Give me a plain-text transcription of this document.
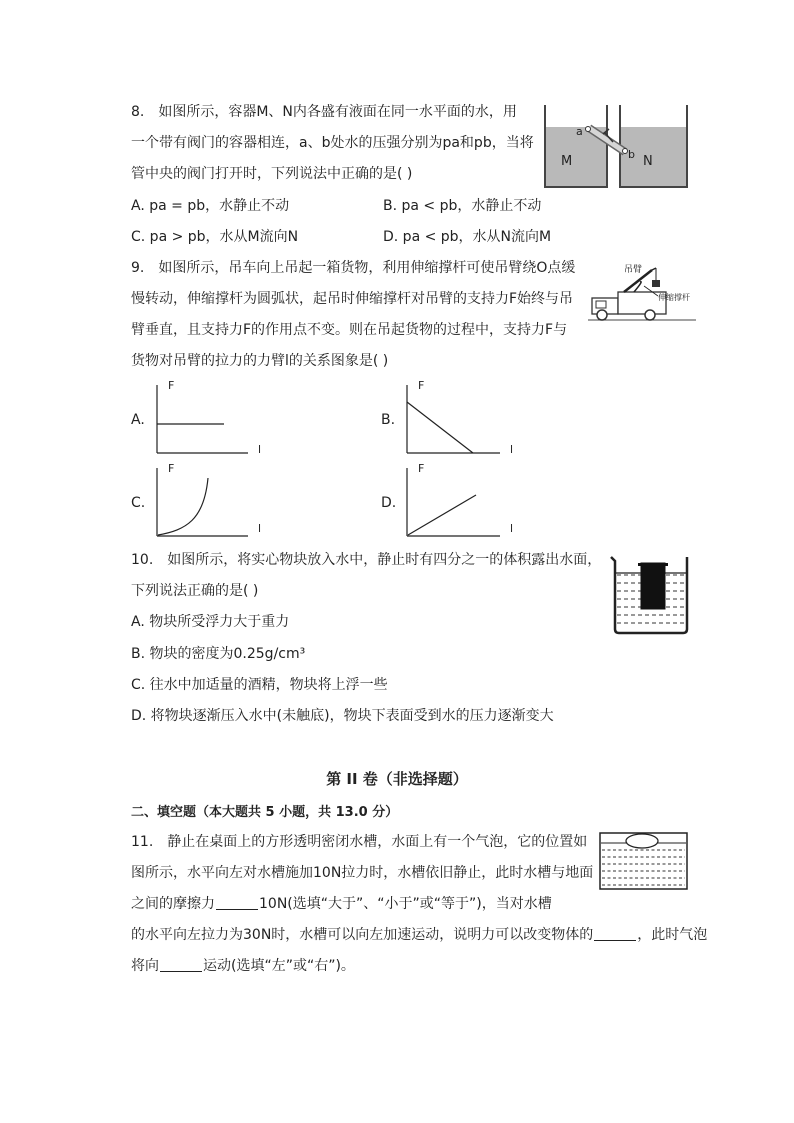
8.　如图所示，容器M、N内各盛有液面在同一水平面的水，用
一个带有阀门的容器相连，a、b处水的压强分别为pa和pb，当将
管中央的阀门打开时，下列说法中正确的是( )
A. pa = pb，水静止不动	B. pa < pb，水静止不动
C. pa > pb，水从M流向N	D. pa < pb，水从N流向M
a
b
M	N
9.　如图所示，吊车向上吊起一箱货物，利用伸缩撑杆可使吊臂绕O点缓
慢转动，伸缩撑杆为圆弧状，起吊时伸缩撑杆对吊臂的支持力F始终与吊
臂垂直，且支持力F的作用点不变。则在吊起货物的过程中，支持力F与
货物对吊臂的拉力的力臂l的关系图象是( )
吊臂
伸缩撑杆
A.	B.
C.	D.
F
l
F
l
F
l
F
l
10.　如图所示，将实心物块放入水中，静止时有四分之一的体积露出水面，
下列说法正确的是( )
A. 物块所受浮力大于重力
B. 物块的密度为0.25g/cm³
C. 往水中加适量的酒精，物块将上浮一些
D. 将物块逐渐压入水中(未触底)，物块下表面受到水的压力逐渐变大
第 II 卷（非选择题）
二、填空题（本大题共 5 小题，共 13.0 分）
11.　静止在桌面上的方形透明密闭水槽，水面上有一个气泡，它的位置如
图所示，水平向左对水槽施加10N拉力时，水槽依旧静止，此时水槽与地面
之间的摩擦力	10N(选填“大于”、“小于”或“等于”)，当对水槽
的水平向左拉力为30N时，水槽可以向左加速运动，说明力可以改变物体的	，此时气泡
将向	运动(选填“左”或“右”)。
